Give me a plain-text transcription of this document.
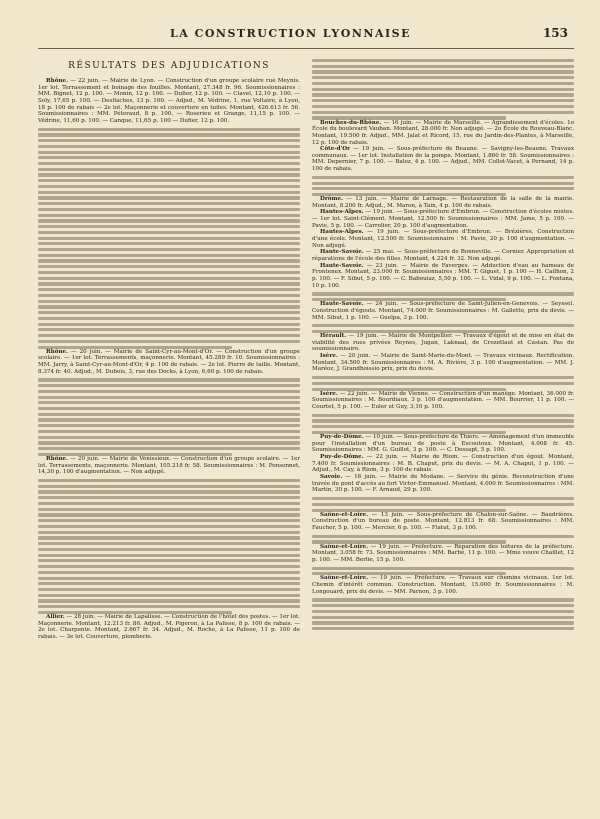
LA CONSTRUCTION LYONNAISE	153
RÉSULTATS DES ADJUDICATIONS

Rhône. — 22 juin. — Mairie de Lyon. — Construction d'un groupe scolaire rue Meynis. 1er lot. Terrassement et boinage des fouilles. Montant, 27.348 fr. 96. Soumissionnaires : MM. Bignet, 12 p. 100. — Monin, 12 p. 100. — Dufier, 12 p. 100. — Clavel, 12,10 p. 100. — Soly, 17,65 p. 100. — Desflaches, 13 p. 100. — Adjud., M. Védrine, 1, rue Voltaire, à Lyon, 18 p. 100 de rabais — 2e lot. Maçonnerie et couverture en tuiles. Montant, 426.613 fr. 56. Soumissionnaires : MM. Péteraud, 8 p. 100. — Roserieu et Grange, 11,15 p. 100. — Védrine, 11,60 p. 100. — Canque, 11,65 p. 100 — Dufier, 12 p. 100.

Rhône. — 20 juin. — Mairie de Saint-Cyr-au-Mont-d'Or. — Construction d'un groupe scolaire. — 1er lot. Terrassements, maçonnerie. Montant, 45.289 fr. 10. Soumissionnaires : MM. Jarry, à Saint-Cyr-au-Mont-d'Or, 4 p. 100 de rabais. — 2e lot. Pierre de taille. Montant, 8.374 fr. 40. Adjud., M. Dubois, 3, rue des Docks, à Lyon, 6,60 p. 100 de rabais.

Rhône. — 20 juin. — Mairie de Vénissieux. — Construction d'un groupe scolaire. — 1er lot. Terrassements, maçonnerie. Montant, 105.218 fr. 58. Soumissionnaires : M. Ponsonnet, 14,30 p. 100 d'augmentation. — Non adjugé.

Allier. — 28 juin. — Mairie de Lapalisse. — Construction de l'hôtel des postes. — 1er lot. Maçonnerie. Montant, 12.213 fr. 86. Adjud., M. Pigeron, à La Palisse, 8 p. 100 de rabais. — 2e lot. Charpente. Montant, 2.667 fr. 34. Adjud., M. Roche, à La Palisse, 11 p. 100 de rabais. — 3e lot. Couverture, plomberie.

Bouches-du-Rhône. — 16 juin. — Mairie de Marseille. — Agrandissement d'écoles. 1o École du boulevard Vauban. Montant, 28.000 fr. Non adjugé. — 2o École du Rouveau-Blanc. Montant, 19.500 fr. Adjud., MM. Jalat et Ricord, 15, rue du Jardin-des-Plantes, à Marseille, 12 p. 100 de rabais.

Côte-d'Or — 19 juin. — Sous-préfecture de Beaune. — Savigny-les-Beaune. Travaux communaux. — 1er lot. Installation de la pompe. Montant, 1.860 fr. 58. Soumissionnaires : MM. Depernier, 7 p. 100. — Baloz, 4 p. 100. — Adjud., MM. Collot-Vacet, à Pernand, 14 p. 100 de rabais.

Drôme. — 13 juin. — Mairie de Larnage. — Restauration de la salle de la mairie. Montant, 8.200 fr. Adjud., M. Maron, à Tain, 4 p. 100 de rabais.

Hautes-Alpes. — 19 juin. — Sous-préfecture d'Embrun. — Construction d'écoles mixtes. — 1er lot. Saint-Clément. Montant, 12.500 fr. Soumissionnaires : MM. Jame, 5 p. 100. — Pavie, 5 p. 100. — Carrelier, 20 p. 100 d'augmentation.

Hautes-Alpes. — 19 juin. — Sous-préfecture d'Embrun. — Brézières. Construction d'une école. Montant, 12.500 fr. Soumissionnaire : M. Pavie, 20 p. 100 d'augmentation. — Non adjugé.

Haute-Savoie. — 25 mai. — Sous-préfecture de Bonneville. — Cornier. Appropriation et réparations de l'école des filles. Montant, 4.224 fr. 32. Non adjugé.

Haute-Savoie. — 23 juin. — Mairie de Faverges. — Adduction d'eau au hameau de Frontenex. Montant, 23.000 fr. Soumissionnaires : MM. T. Giguet, 1 p. 100 — H. Cailhon, 2 p. 100. — F. Sibut, 5 p. 100. — C. Babouiaz, 5,50 p. 100. — L. Vidal, 9 p. 100. — L. Fontana, 10 p. 100.

Haute-Savoie. — 24 juin. — Sous-préfecture de Saint-Julien-en-Genevois. — Seyssel. Construction d'égouts. Montant, 74.000 fr. Soumissionnaires : M. Galletto, prix du devis. — MM. Sibut, 1 p. 100. — Guelpa, 3 p. 100.

Hérault. — 19 juin. — Mairie de Montpellier. — Travaux d'égout et de mise en état de viabilité des rues privées Reynes, Jugan, Laknaal, de Crozetlaut et Castan. Pas de soumissionnaire.

Isère. — 20 juin. — Mairie de Saint-Marie-du-Mont. — Travaux vicinaux. Rectification. Montant, 34.500 fr. Soumissionnaires : M. A. Rivière, 3 p. 100 d'augmentation. — MM. J. Maréoz, J. Grandboissio prix, prix du devis.

Isère. — 22 juin. — Mairie de Vienne. — Construction d'un manège. Montant, 36.000 fr. Soumissionnaires : M. Bourdiaux, 3 p. 100 d'augmentation. — MM. Bourrier, 11 p. 100. — Courtet, 5 p. 100. — Euler et Guy, 3,10 p. 100.

Puy-de-Dôme. — 10 juin. — Sous-préfecture de Thiers. — Aménagement d'un immeuble pour l'installation d'un bureau de poste à Escoutoux. Montant, 4.008 fr. 45. Soumissionnaires : MM. G. Guillot, 3 p. 100. — C. Dessapt, 5 p. 100.

Puy-de-Dôme. — 22 juin. — Mairie de Riom. — Construction d'un égout. Montant, 7.400 fr. Soumissionnaires : M. B. Chaput, prix du devis. — M. A. Chaput, 1 p. 100. — Adjud., M. Cay, à Riom, 3 p. 100 de rabais.

Savoie. — 16 juin. — Mairie de Modane. — Service du génie. Reconstruction d'une travée du pont d'accès au fort Victor-Emmanuel. Montant, 4.000 fr. Soumissionnaires : MM. Martin, 30 p. 100. — F. Arnaud, 29 p. 100.

Saône-et-Loire. — 13 juin. — Sous-préfecture de Chalon-sur-Saône. — Baudrières. Construction d'un bureau de poste. Montant, 12.813 fr. 68. Soumissionnaires : MM. Faucher, 5 p. 100. — Mercier, 6 p. 100. — Flatut, 3 p. 100.

Saône-et-Loire. — 19 juin. — Préfecture. — Réparation des toitures de la préfecture. Montant, 3.058 fr. 73. Soumissionnaires : MM. Barbé, 11 p. 100. — Mme veuve Chaillet, 12 p. 100. — MM. Berlie, 15 p. 100.

Saône-et-Loire. — 19 juin. — Préfecture. — Travaux sur chemins vicinaux. 1er lot. Chemin d'intérêt commun. Construction. Montant, 15.000 fr. Soumissionnaires : M. Longouard, prix du devis. — MM. Parnon, 3 p. 100.
